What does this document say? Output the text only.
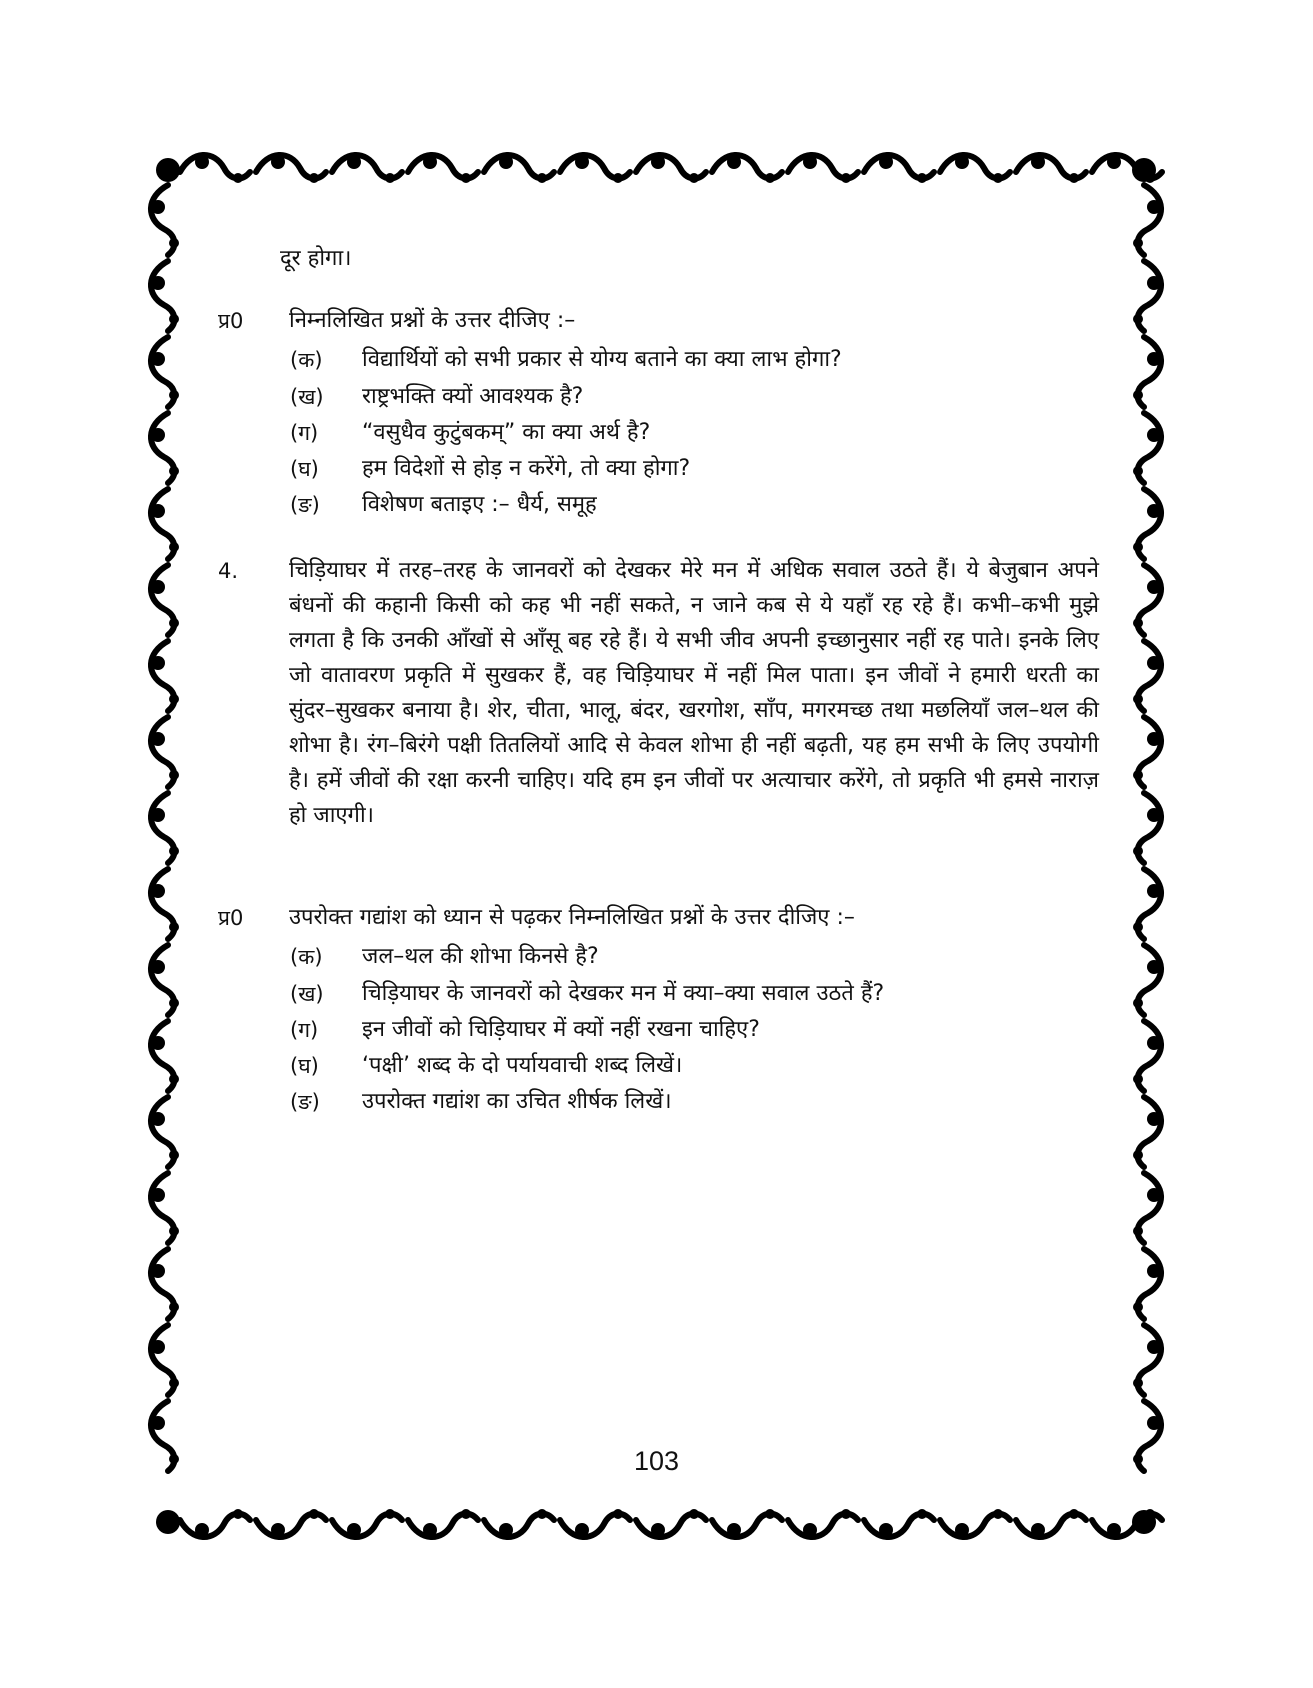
दूर होगा।
प्र0 निम्नलिखित प्रश्नों के उत्तर दीजिए :–
(क) विद्यार्थियों को सभी प्रकार से योग्य बताने का क्या लाभ होगा?
(ख) राष्ट्रभक्ति क्यों आवश्यक है?
(ग) “वसुधैव कुटुंबकम्” का क्या अर्थ है?
(घ) हम विदेशों से होड़ न करेंगे, तो क्या होगा?
(ङ) विशेषण बताइए :– धैर्य, समूह
4. चिड़ियाघर में तरह–तरह के जानवरों को देखकर मेरे मन में अधिक सवाल उठते हैं। ये बेजुबान अपने बंधनों की कहानी किसी को कह भी नहीं सकते, न जाने कब से ये यहाँ रह रहे हैं। कभी–कभी मुझे लगता है कि उनकी आँखों से आँसू बह रहे हैं। ये सभी जीव अपनी इच्छानुसार नहीं रह पाते। इनके लिए जो वातावरण प्रकृति में सुखकर हैं, वह चिड़ियाघर में नहीं मिल पाता। इन जीवों ने हमारी धरती का सुंदर–सुखकर बनाया है। शेर, चीता, भालू, बंदर, खरगोश, साँप, मगरमच्छ तथा मछलियाँ जल–थल की शोभा है। रंग–बिरंगे पक्षी तितलियों आदि से केवल शोभा ही नहीं बढ़ती, यह हम सभी के लिए उपयोगी है। हमें जीवों की रक्षा करनी चाहिए। यदि हम इन जीवों पर अत्याचार करेंगे, तो प्रकृति भी हमसे नाराज़ हो जाएगी।
प्र0 उपरोक्त गद्यांश को ध्यान से पढ़कर निम्नलिखित प्रश्नों के उत्तर दीजिए :–
(क) जल–थल की शोभा किनसे है?
(ख) चिड़ियाघर के जानवरों को देखकर मन में क्या–क्या सवाल उठते हैं?
(ग) इन जीवों को चिड़ियाघर में क्यों नहीं रखना चाहिए?
(घ) ‘पक्षी’ शब्द के दो पर्यायवाची शब्द लिखें।
(ङ) उपरोक्त गद्यांश का उचित शीर्षक लिखें।
103
